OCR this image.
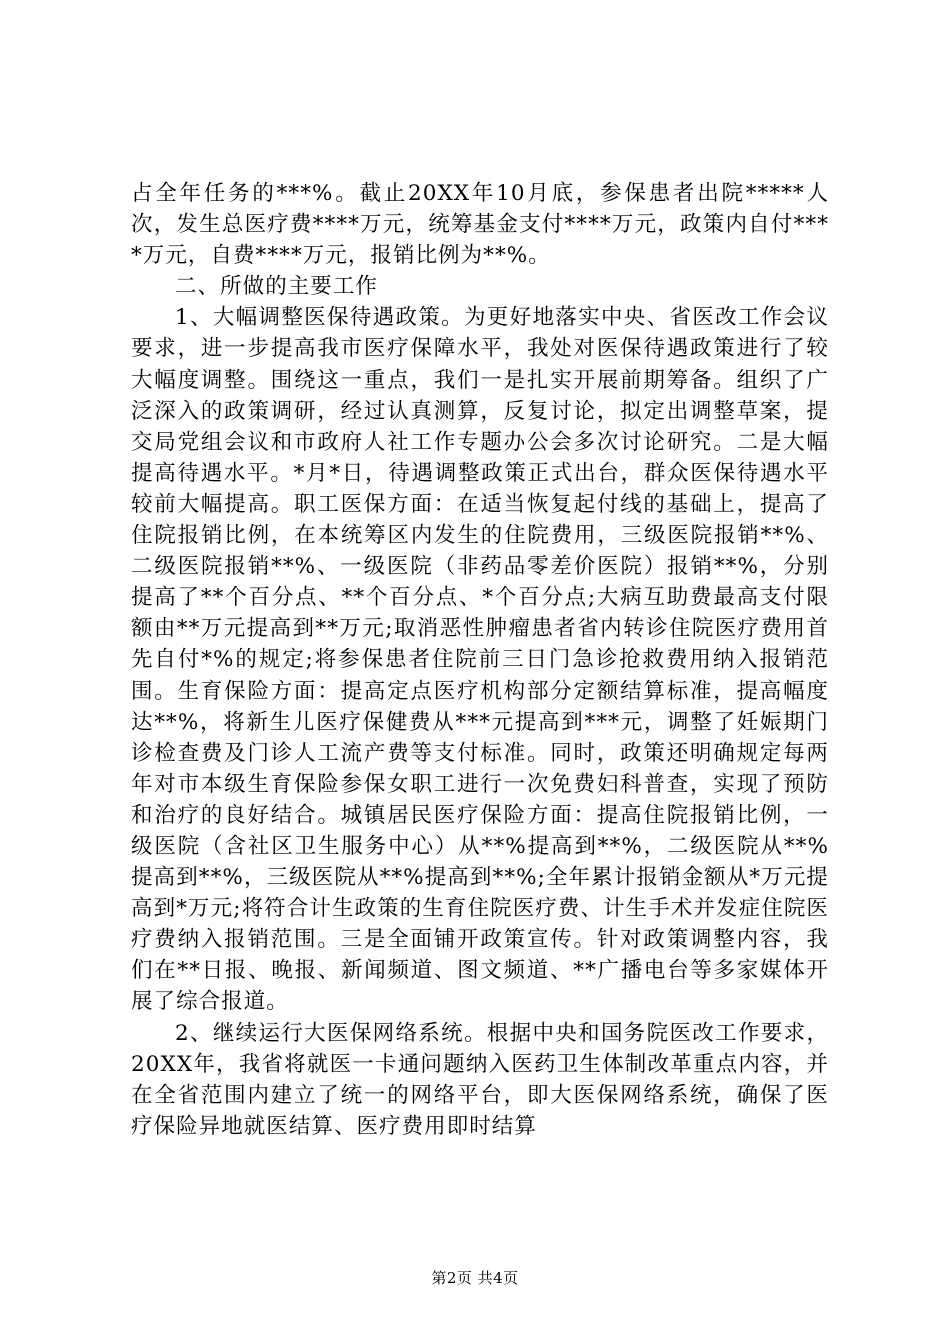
占全年任务的***%。截止20XX年10月底，参保患者出院*****人次，发生总医疗费****万元，统筹基金支付****万元，政策内自付****万元，自费****万元，报销比例为**%。

二、所做的主要工作

1、大幅调整医保待遇政策。为更好地落实中央、省医改工作会议要求，进一步提高我市医疗保障水平，我处对医保待遇政策进行了较大幅度调整。围绕这一重点，我们一是扎实开展前期筹备。组织了广泛深入的政策调研，经过认真测算，反复讨论，拟定出调整草案，提交局党组会议和市政府人社工作专题办公会多次讨论研究。二是大幅提高待遇水平。*月*日，待遇调整政策正式出台，群众医保待遇水平较前大幅提高。职工医保方面：在适当恢复起付线的基础上，提高了住院报销比例，在本统筹区内发生的住院费用，三级医院报销**%、二级医院报销**%、一级医院（非药品零差价医院）报销**%，分别提高了**个百分点、**个百分点、*个百分点;大病互助费最高支付限额由**万元提高到**万元;取消恶性肿瘤患者省内转诊住院医疗费用首先自付*%的规定;将参保患者住院前三日门急诊抢救费用纳入报销范围。生育保险方面：提高定点医疗机构部分定额结算标准，提高幅度达**%，将新生儿医疗保健费从***元提高到***元，调整了妊娠期门诊检查费及门诊人工流产费等支付标准。同时，政策还明确规定每两年对市本级生育保险参保女职工进行一次免费妇科普查，实现了预防和治疗的良好结合。城镇居民医疗保险方面：提高住院报销比例，一级医院（含社区卫生服务中心）从**%提高到**%，二级医院从**%提高到**%，三级医院从**%提高到**%;全年累计报销金额从*万元提高到*万元;将符合计生政策的生育住院医疗费、计生手术并发症住院医疗费纳入报销范围。三是全面铺开政策宣传。针对政策调整内容，我们在**日报、晚报、新闻频道、图文频道、**广播电台等多家媒体开展了综合报道。

2、继续运行大医保网络系统。根据中央和国务院医改工作要求，20XX年，我省将就医一卡通问题纳入医药卫生体制改革重点内容，并在全省范围内建立了统一的网络平台，即大医保网络系统，确保了医疗保险异地就医结算、医疗费用即时结算

第2页 共4页
